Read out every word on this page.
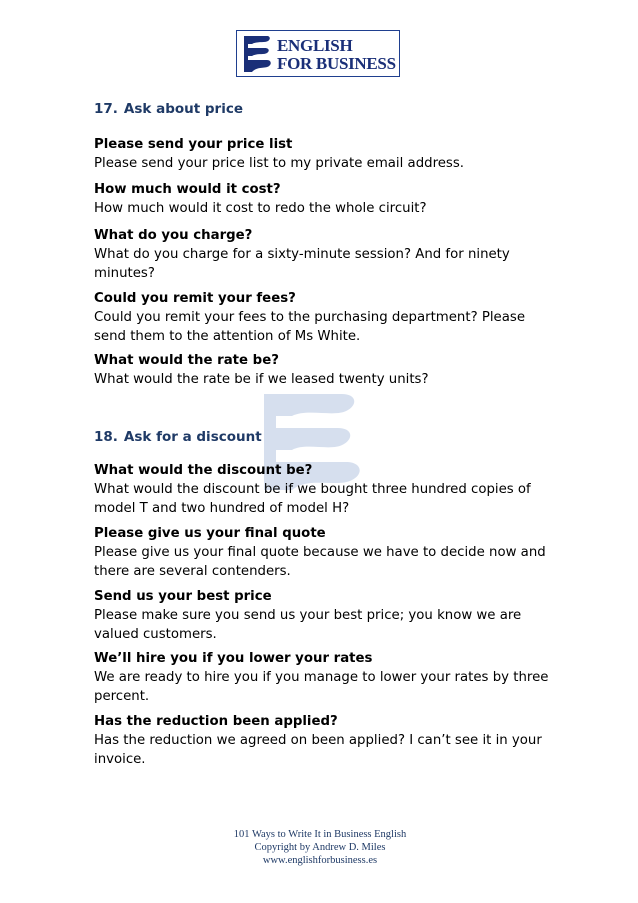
ENGLISH
FOR BUSINESS
17. Ask about price
Please send your price list
Please send your price list to my private email address.
How much would it cost?
How much would it cost to redo the whole circuit?
What do you charge?
What do you charge for a sixty-minute session? And for ninety minutes?
Could you remit your fees?
Could you remit your fees to the purchasing department? Please send them to the attention of Ms White.
What would the rate be?
What would the rate be if we leased twenty units?
18. Ask for a discount
What would the discount be?
What would the discount be if we bought three hundred copies of model T and two hundred of model H?
Please give us your final quote
Please give us your final quote because we have to decide now and there are several contenders.
Send us your best price
Please make sure you send us your best price; you know we are valued customers.
We’ll hire you if you lower your rates
We are ready to hire you if you manage to lower your rates by three percent.
Has the reduction been applied?
Has the reduction we agreed on been applied? I can’t see it in your invoice.
101 Ways to Write It in Business English
Copyright by Andrew D. Miles
www.englishforbusiness.es
